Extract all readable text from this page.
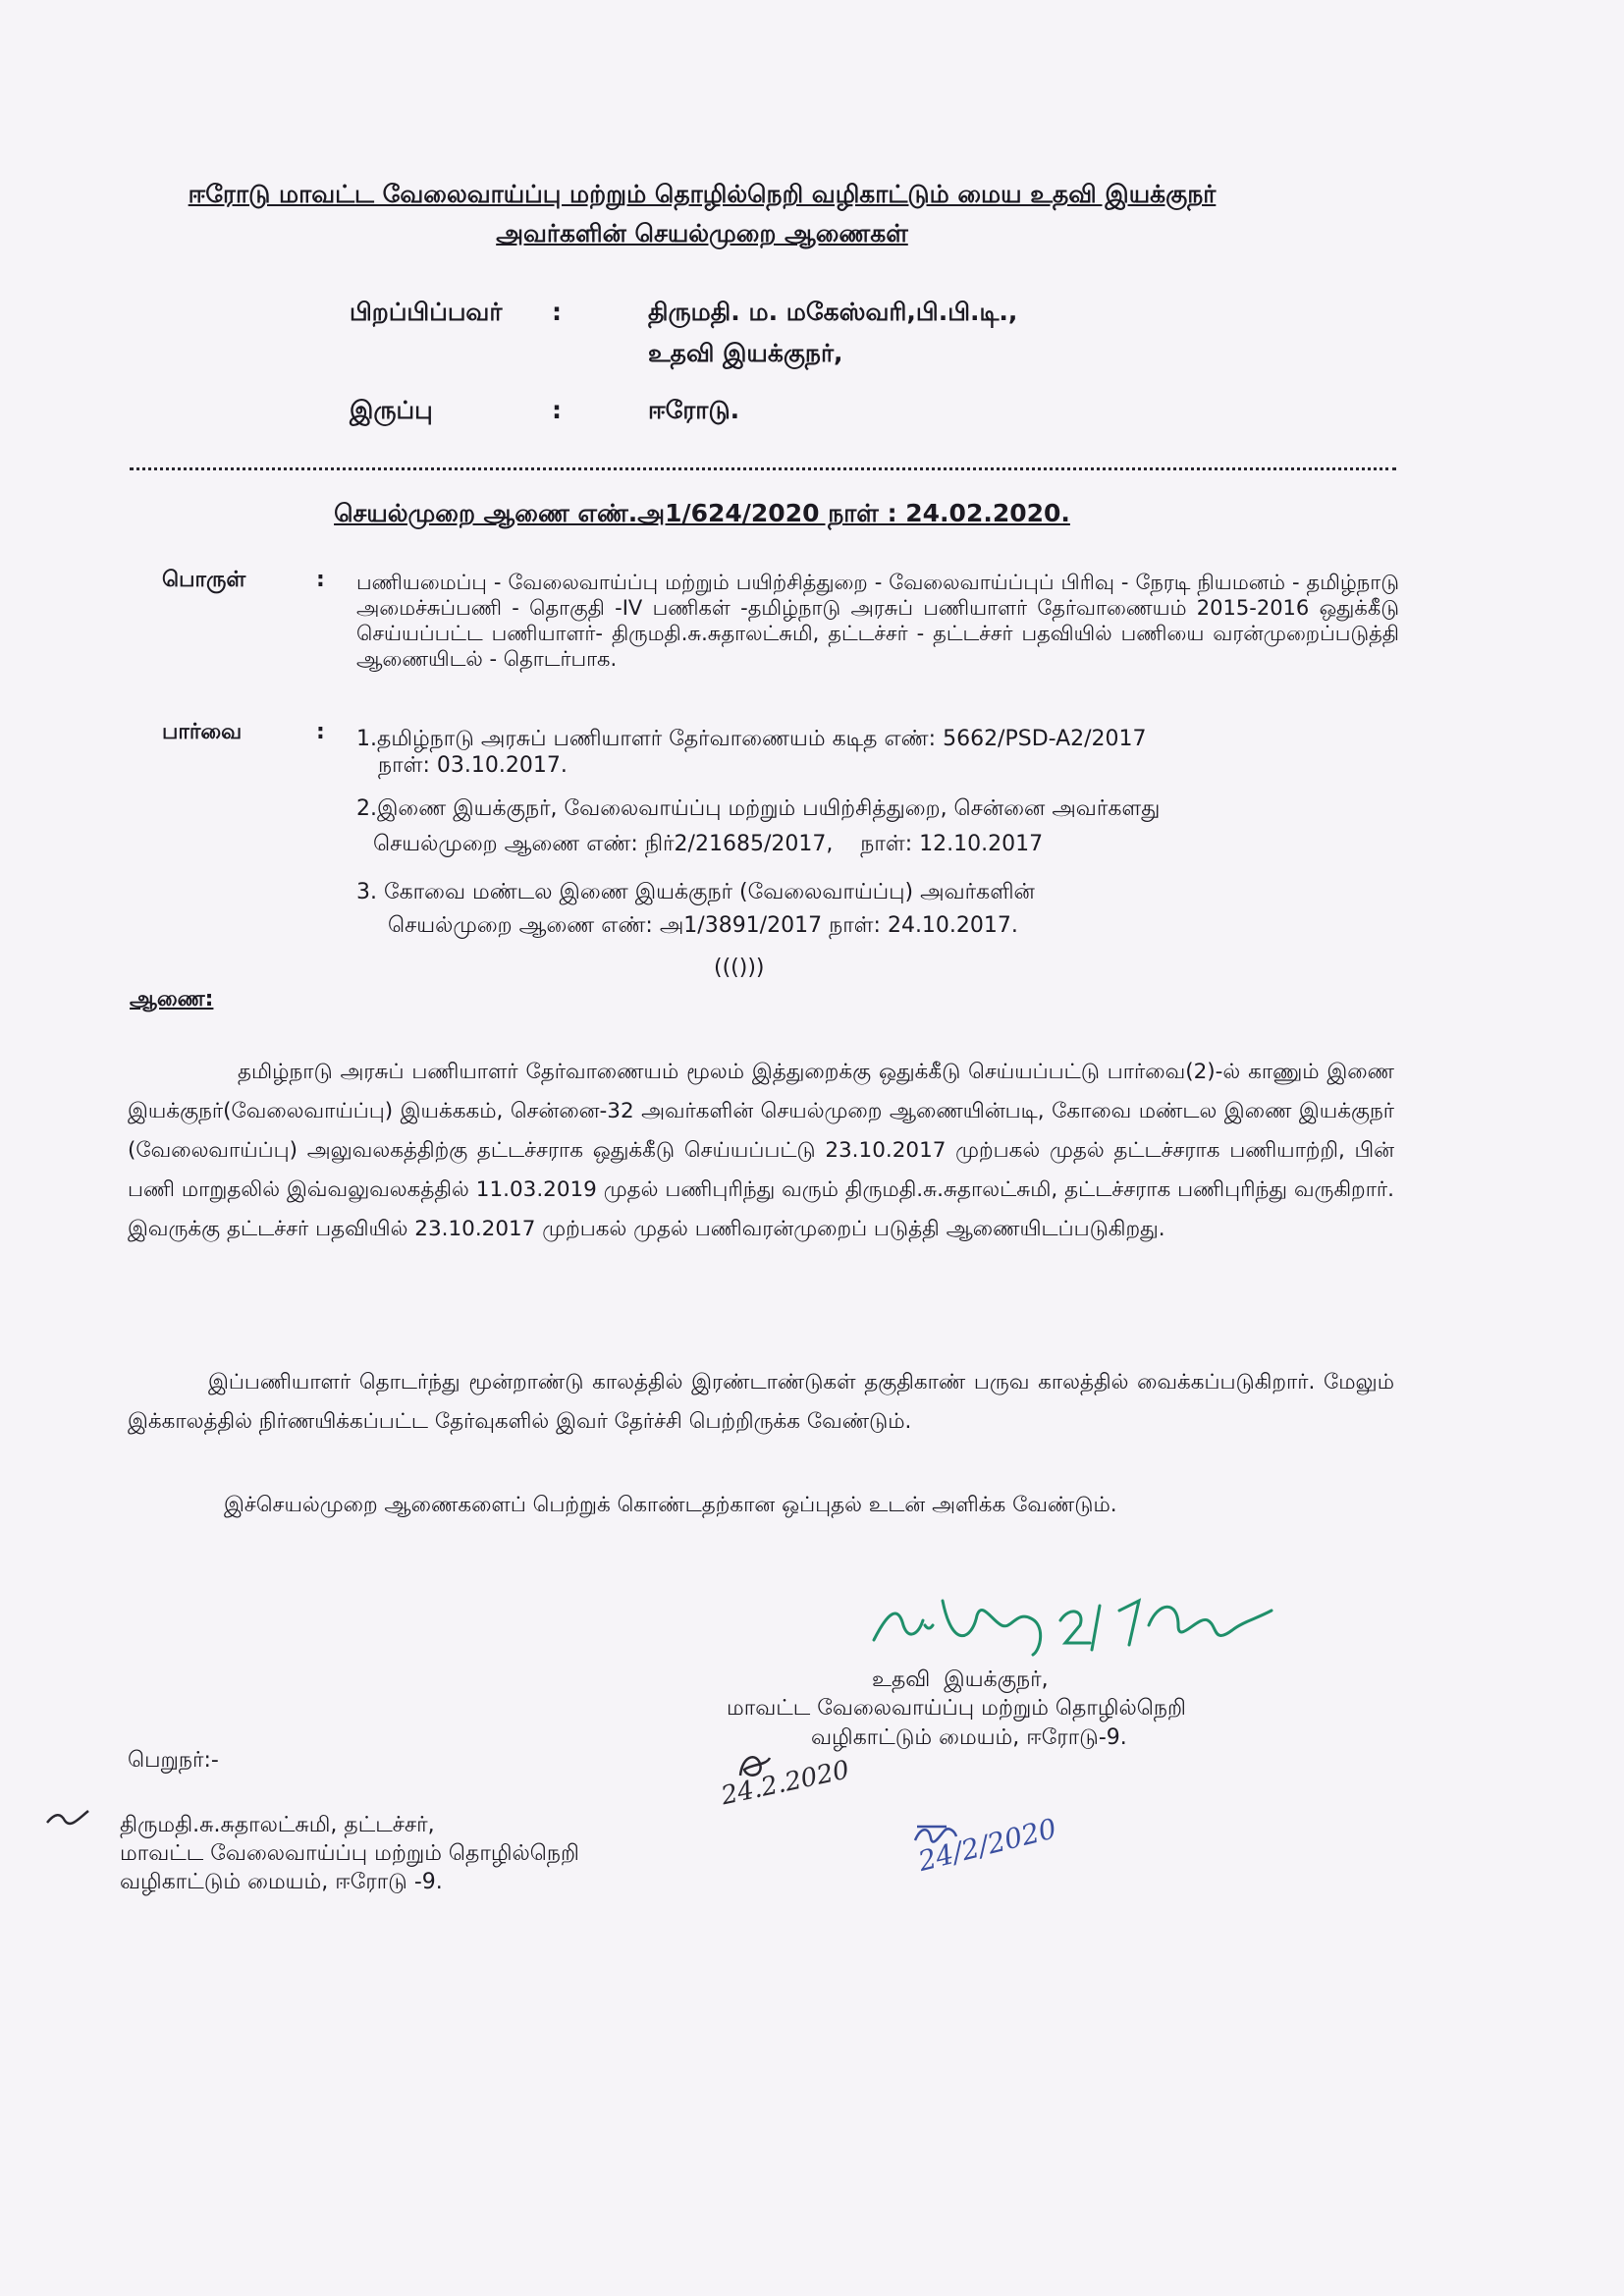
ஈரோடு மாவட்ட வேலைவாய்ப்பு மற்றும் தொழில்நெறி வழிகாட்டும் மைய உதவி இயக்குநர்
அவர்களின் செயல்முறை ஆணைகள்
பிறப்பிப்பவர் :	திருமதி. ம. மகேஸ்வரி,பி.பி.டி.,
உதவி இயக்குநர்,
இருப்பு	:	ஈரோடு.
செயல்முறை ஆணை எண்.அ1/624/2020 நாள் : 24.02.2020.
பொருள்	: பணியமைப்பு - வேலைவாய்ப்பு மற்றும் பயிற்சித்துறை - வேலைவாய்ப்புப் பிரிவு - நேரடி நியமனம் - தமிழ்நாடு அமைச்சுப்பணி - தொகுதி -IV பணிகள் -தமிழ்நாடு அரசுப் பணியாளர் தேர்வாணையம் 2015-2016 ஒதுக்கீடு செய்யப்பட்ட பணியாளர்- திருமதி.சு.சுதாலட்சுமி, தட்டச்சர் - தட்டச்சர் பதவியில் பணியை வரன்முறைப்படுத்தி ஆணையிடல் - தொடர்பாக.
பார்வை	: 1.தமிழ்நாடு அரசுப் பணியாளர் தேர்வாணையம் கடித எண்: 5662/PSD-A2/2017
நாள்: 03.10.2017.
2.இணை இயக்குநர், வேலைவாய்ப்பு மற்றும் பயிற்சித்துறை, சென்னை அவர்களது
செயல்முறை ஆணை எண்: நிர்2/21685/2017,    நாள்: 12.10.2017
3. கோவை மண்டல இணை இயக்குநர் (வேலைவாய்ப்பு) அவர்களின்
செயல்முறை ஆணை எண்: அ1/3891/2017 நாள்: 24.10.2017.
((()))
ஆணை:
தமிழ்நாடு அரசுப் பணியாளர் தேர்வாணையம் மூலம் இத்துறைக்கு ஒதுக்கீடு செய்யப்பட்டு பார்வை(2)-ல் காணும் இணை இயக்குநர்(வேலைவாய்ப்பு) இயக்ககம், சென்னை-32 அவர்களின் செயல்முறை ஆணையின்படி, கோவை மண்டல இணை இயக்குநர் (வேலைவாய்ப்பு) அலுவலகத்திற்கு தட்டச்சராக ஒதுக்கீடு செய்யப்பட்டு 23.10.2017 முற்பகல் முதல் தட்டச்சராக பணியாற்றி, பின் பணி மாறுதலில் இவ்வலுவலகத்தில் 11.03.2019 முதல் பணிபுரிந்து வரும் திருமதி.சு.சுதாலட்சுமி, தட்டச்சராக பணிபுரிந்து வருகிறார். இவருக்கு தட்டச்சர் பதவியில் 23.10.2017 முற்பகல் முதல் பணிவரன்முறைப் படுத்தி ஆணையிடப்படுகிறது.
இப்பணியாளர் தொடர்ந்து மூன்றாண்டு காலத்தில் இரண்டாண்டுகள் தகுதிகாண் பருவ காலத்தில் வைக்கப்படுகிறார். மேலும் இக்காலத்தில் நிர்ணயிக்கப்பட்ட தேர்வுகளில் இவர் தேர்ச்சி பெற்றிருக்க வேண்டும்.
இச்செயல்முறை ஆணைகளைப் பெற்றுக் கொண்டதற்கான ஒப்புதல் உடன் அளிக்க வேண்டும்.
உதவி  இயக்குநர்,
மாவட்ட வேலைவாய்ப்பு மற்றும் தொழில்நெறி
வழிகாட்டும் மையம், ஈரோடு-9.
பெறுநர்:-
திருமதி.சு.சுதாலட்சுமி, தட்டச்சர்,
மாவட்ட வேலைவாய்ப்பு மற்றும் தொழில்நெறி
வழிகாட்டும் மையம், ஈரோடு -9.
24.2.2020
24/2/2020
